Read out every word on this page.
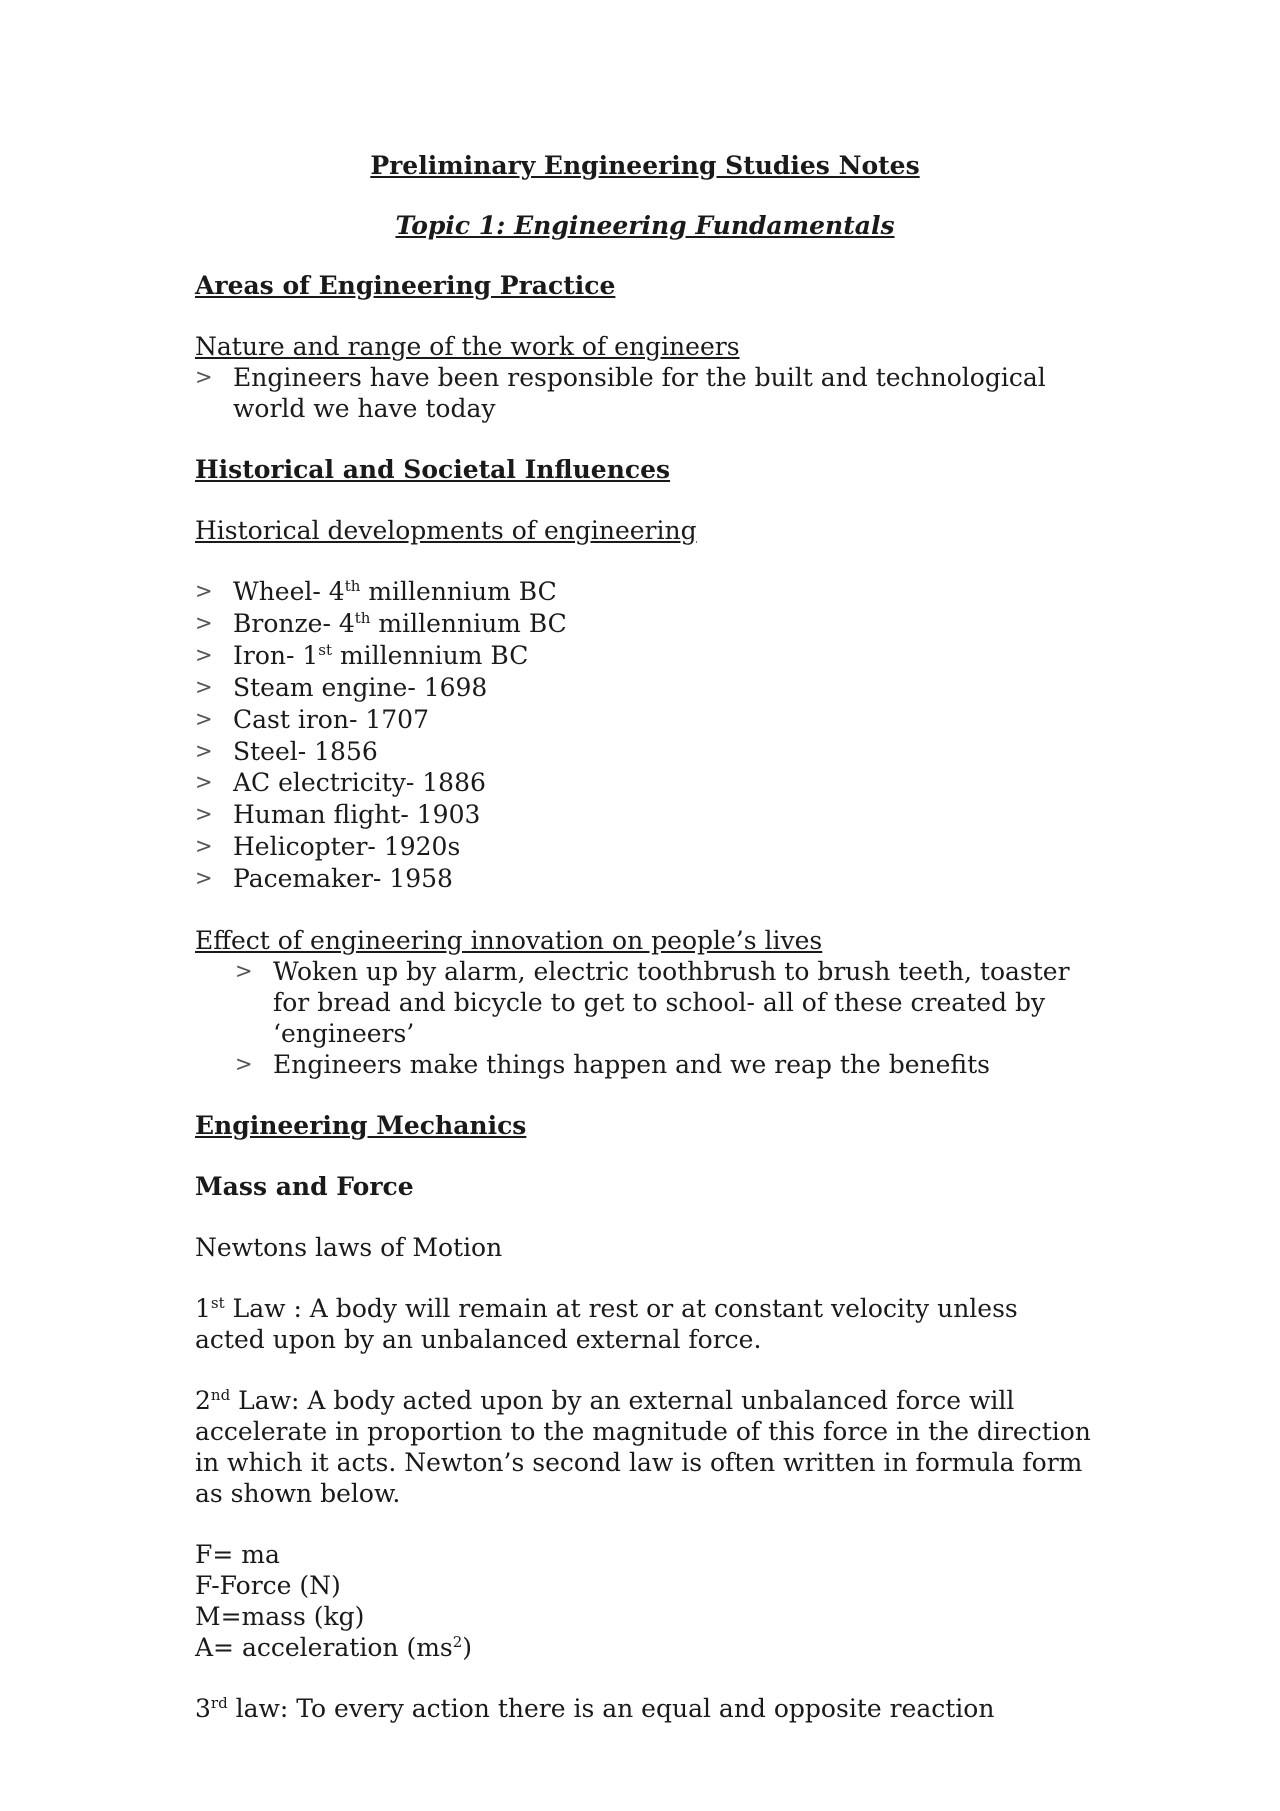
Preliminary Engineering Studies Notes

Topic 1: Engineering Fundamentals

Areas of Engineering Practice

Nature and range of the work of engineers

> Engineers have been responsible for the built and technological world we have today

Historical and Societal Influences

Historical developments of engineering

> Wheel- 4th millennium BC
> Bronze- 4th millennium BC
> Iron- 1st millennium BC
> Steam engine- 1698
> Cast iron- 1707
> Steel- 1856
> AC electricity- 1886
> Human flight- 1903
> Helicopter- 1920s
> Pacemaker- 1958

Effect of engineering innovation on people’s lives

> Woken up by alarm, electric toothbrush to brush teeth, toaster for bread and bicycle to get to school- all of these created by ‘engineers’
> Engineers make things happen and we reap the benefits

Engineering Mechanics

Mass and Force

Newtons laws of Motion

1st Law : A body will remain at rest or at constant velocity unless acted upon by an unbalanced external force.

2nd Law: A body acted upon by an external unbalanced force will accelerate in proportion to the magnitude of this force in the direction in which it acts. Newton’s second law is often written in formula form as shown below.

F= ma

F-Force (N)

M=mass (kg)

A= acceleration $(ms^2)$

3rd law: To every action there is an equal and opposite reaction
